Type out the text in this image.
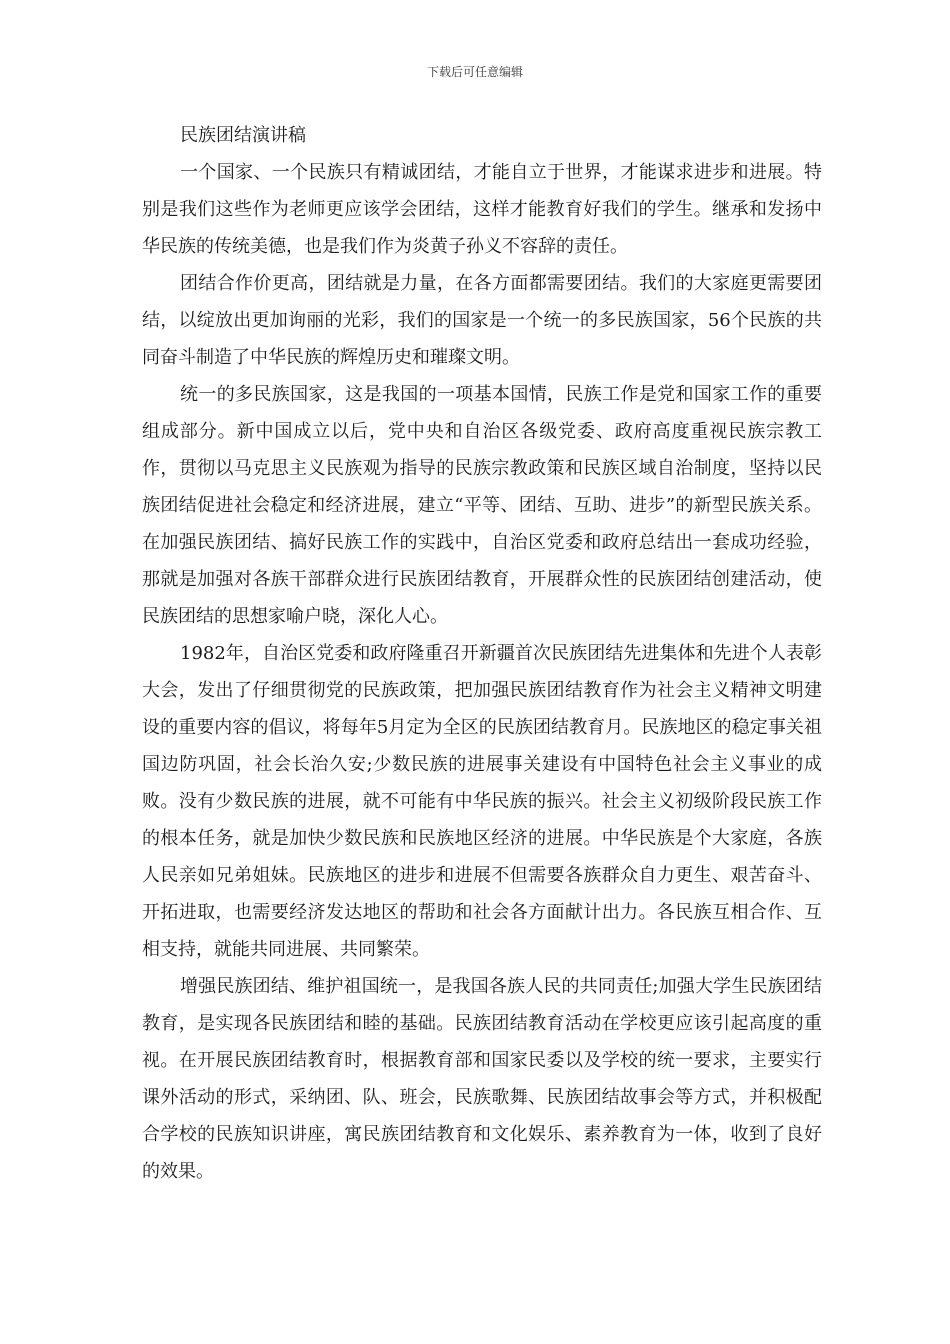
下载后可任意编辑
民族团结演讲稿

一个国家、一个民族只有精诚团结，才能自立于世界，才能谋求进步和进展。特别是我们这些作为老师更应该学会团结，这样才能教育好我们的学生。继承和发扬中华民族的传统美德，也是我们作为炎黄子孙义不容辞的责任。

团结合作价更高，团结就是力量，在各方面都需要团结。我们的大家庭更需要团结，以绽放出更加询丽的光彩，我们的国家是一个统一的多民族国家，56个民族的共同奋斗制造了中华民族的辉煌历史和璀璨文明。

统一的多民族国家，这是我国的一项基本国情，民族工作是党和国家工作的重要组成部分。新中国成立以后，党中央和自治区各级党委、政府高度重视民族宗教工作，贯彻以马克思主义民族观为指导的民族宗教政策和民族区域自治制度，坚持以民族团结促进社会稳定和经济进展，建立“平等、团结、互助、进步”的新型民族关系。在加强民族团结、搞好民族工作的实践中，自治区党委和政府总结出一套成功经验，那就是加强对各族干部群众进行民族团结教育，开展群众性的民族团结创建活动，使民族团结的思想家喻户晓，深化人心。

1982年，自治区党委和政府隆重召开新疆首次民族团结先进集体和先进个人表彰大会，发出了仔细贯彻党的民族政策，把加强民族团结教育作为社会主义精神文明建设的重要内容的倡议，将每年5月定为全区的民族团结教育月。民族地区的稳定事关祖国边防巩固，社会长治久安;少数民族的进展事关建设有中国特色社会主义事业的成败。没有少数民族的进展，就不可能有中华民族的振兴。社会主义初级阶段民族工作的根本任务，就是加快少数民族和民族地区经济的进展。中华民族是个大家庭，各族人民亲如兄弟姐妹。民族地区的进步和进展不但需要各族群众自力更生、艰苦奋斗、开拓进取，也需要经济发达地区的帮助和社会各方面献计出力。各民族互相合作、互相支持，就能共同进展、共同繁荣。

增强民族团结、维护祖国统一，是我国各族人民的共同责任;加强大学生民族团结教育，是实现各民族团结和睦的基础。民族团结教育活动在学校更应该引起高度的重视。在开展民族团结教育时，根据教育部和国家民委以及学校的统一要求，主要实行课外活动的形式，采纳团、队、班会，民族歌舞、民族团结故事会等方式，并积极配合学校的民族知识讲座，寓民族团结教育和文化娱乐、素养教育为一体，收到了良好的效果。
